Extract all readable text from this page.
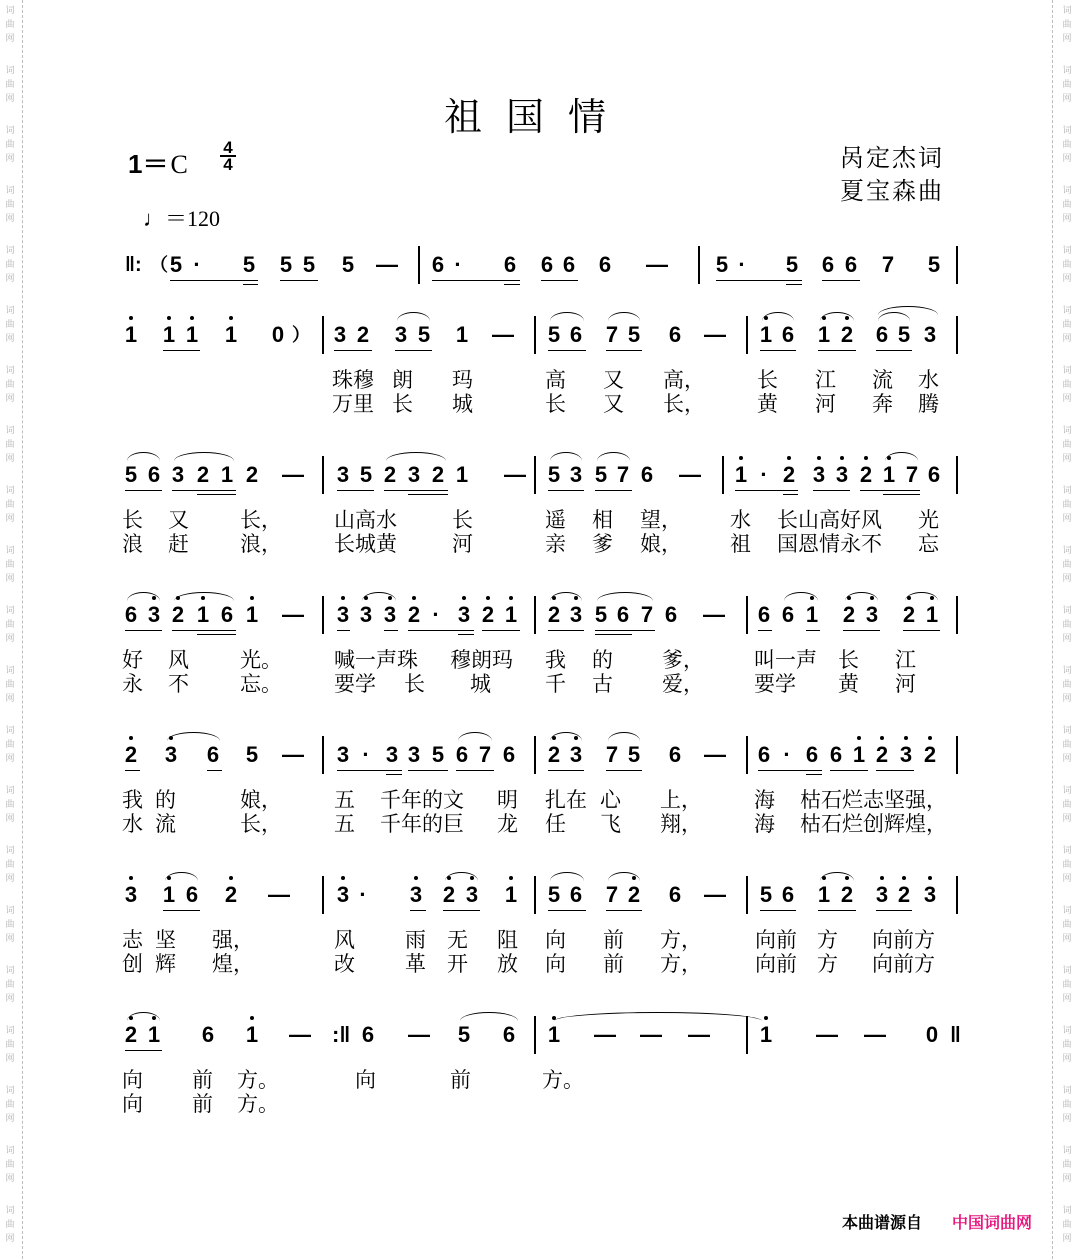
词
曲
网
词
曲
网
词
曲
网
词
曲
网
词
曲
网
词
曲
网
词
曲
网
词
曲
网
词
曲
网
词
曲
网
词
曲
网
词
曲
网
词
曲
网
词
曲
网
词
曲
网
词
曲
网
词
曲
网
词
曲
网
词
曲
网
词
曲
网
词
曲
网
词
曲
网
词
曲
网
词
曲
网
词
曲
网
词
曲
网
词
曲
网
词
曲
网
词
曲
网
词
曲
网
词
曲
网
词
曲
网
词
曲
网
词
曲
网
词
曲
网
词
曲
网
词
曲
网
词
曲
网
词
曲
网
词
曲
网
词
曲
网
词
曲
网
祖国情
1＝C
4
4
♩＝120
呙定杰词
夏宝森曲
5 · 5 5 5 5 — 6 · 6 6 6 6 — 5 · 5 6 6 7 5
‖: （
1 1 1 1 0	5 6 7 5 6
—	— 1 6 1 2 6 5 3
3 2 3 5 1
）
珠穆 朗 玛	高 又 高， 长 江 流 水
万里 长 城	长 又 长， 黄 河 奔 腾
5 6 3 2 1 2 — 3 5 2 3 2 1 — 5 3 5 7 6 — 1 · 2 3 3 2 1 7 6
长 又 长， 山高水	长	遥 相 望， 水 长山高好风 光
浪 赶 浪， 长城黄	河	亲 爹 娘， 祖 国恩情永不 忘
6 3 2 1 6 1 — 3 3 3 2 · 3 2 1 2 3 5 6 7 6 — 6 6 1 2 3 2 1
好 风 光。 喊一声珠 穆朗玛 我 的 爹， 叫一声 长 江
永 不 忘。 要学 长 城	千 古 爱， 要学 黄 河
2 3 6 5 — 3 · 3 3 5 6 7 6 2 3 7 5 6 — 6 · 6 6 1 2 3 2
我 的	娘， 五 千年的文 明 扎在 心 上， 海 枯石烂志坚强，
水 流	长， 五 千年的巨 龙 任 飞 翔， 海 枯石烂创辉煌，
3 1 6 2 — 3 · 3 2 3 1 5 6 7 2 6 — 5 6 1 2 3 2 3
志 坚 强，	风 雨 无 阻 向 前 方，	向前 方 向前方
创 辉 煌，	改 革 开 放 向 前 方，	向前 方 向前方
2 1 6 1 — 6 — 5 6 1 — — — 1 — — 0
:‖	‖
向 前 方。	向	前	方。
向 前 方。
本曲谱源自 中国词曲网
